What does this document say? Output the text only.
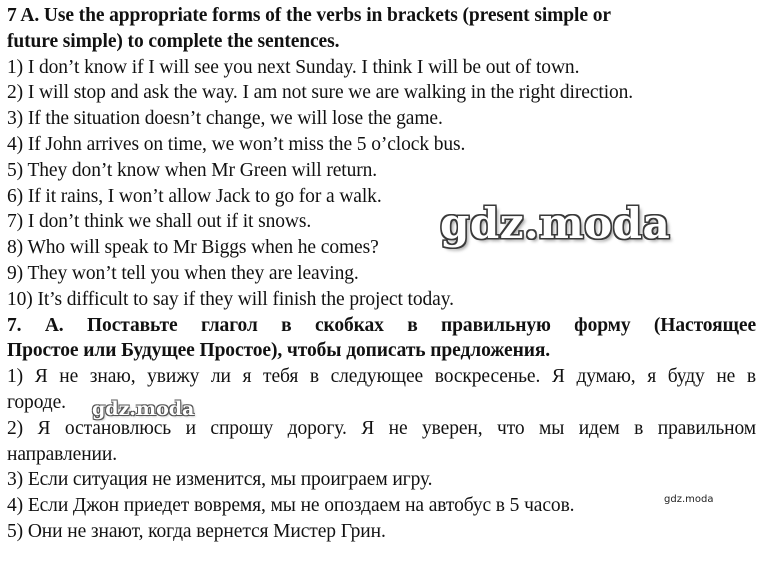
7 A. Use the appropriate forms of the verbs in brackets (present simple or
future simple) to complete the sentences.
1) I don’t know if I will see you next Sunday. I think I will be out of town.
2) I will stop and ask the way. I am not sure we are walking in the right direction.
3) If the situation doesn’t change, we will lose the game.
4) If John arrives on time, we won’t miss the 5 o’clock bus.
5) They don’t know when Mr Green will return.
6) If it rains, I won’t allow Jack to go for a walk.
7) I don’t think we shall out if it snows.
8) Who will speak to Mr Biggs when he comes?
9) They won’t tell you when they are leaving.
10) It’s difficult to say if they will finish the project today.
7. А. Поставьте глагол в скобках в правильную форму (Настоящее
Простое или Будущее Простое), чтобы дописать предложения.
1) Я не знаю, увижу ли я тебя в следующее воскресенье. Я думаю, я буду не в
городе.
2) Я остановлюсь и спрошу дорогу. Я не уверен, что мы идем в правильном
направлении.
3) Если ситуация не изменится, мы проиграем игру.
4) Если Джон приедет вовремя, мы не опоздаем на автобус в 5 часов.
5) Они не знают, когда вернется Мистер Грин.
gdz.moda
gdz.moda
gdz.moda
